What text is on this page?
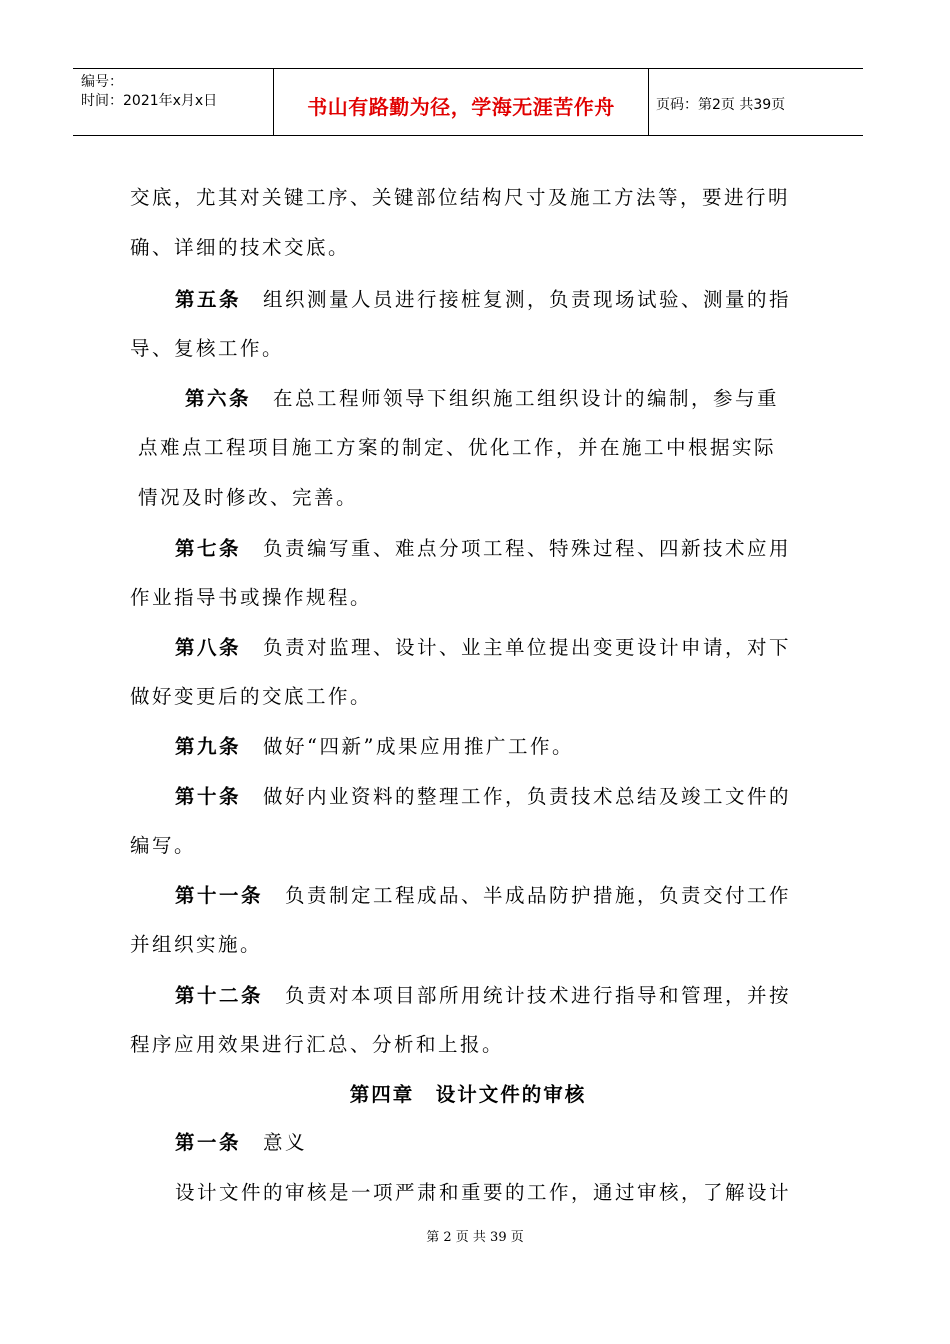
编号：
时间：2021年x月x日	书山有路勤为径，学海无涯苦作舟	页码：第2页 共39页
交底，尤其对关键工序、关键部位结构尺寸及施工方法等，要进行明
确、详细的技术交底。
第五条 组织测量人员进行接桩复测，负责现场试验、测量的指
导、复核工作。
第六条 在总工程师领导下组织施工组织设计的编制，参与重
点难点工程项目施工方案的制定、优化工作，并在施工中根据实际
情况及时修改、完善。
第七条 负责编写重、难点分项工程、特殊过程、四新技术应用
作业指导书或操作规程。
第八条 负责对监理、设计、业主单位提出变更设计申请，对下
做好变更后的交底工作。
第九条 做好“四新”成果应用推广工作。
第十条 做好内业资料的整理工作，负责技术总结及竣工文件的
编写。
第十一条 负责制定工程成品、半成品防护措施，负责交付工作
并组织实施。
第十二条 负责对本项目部所用统计技术进行指导和管理，并按
程序应用效果进行汇总、分析和上报。
第一条 意义
设计文件的审核是一项严肃和重要的工作，通过审核，了解设计
第四章　设计文件的审核
第 2 页 共 39 页
